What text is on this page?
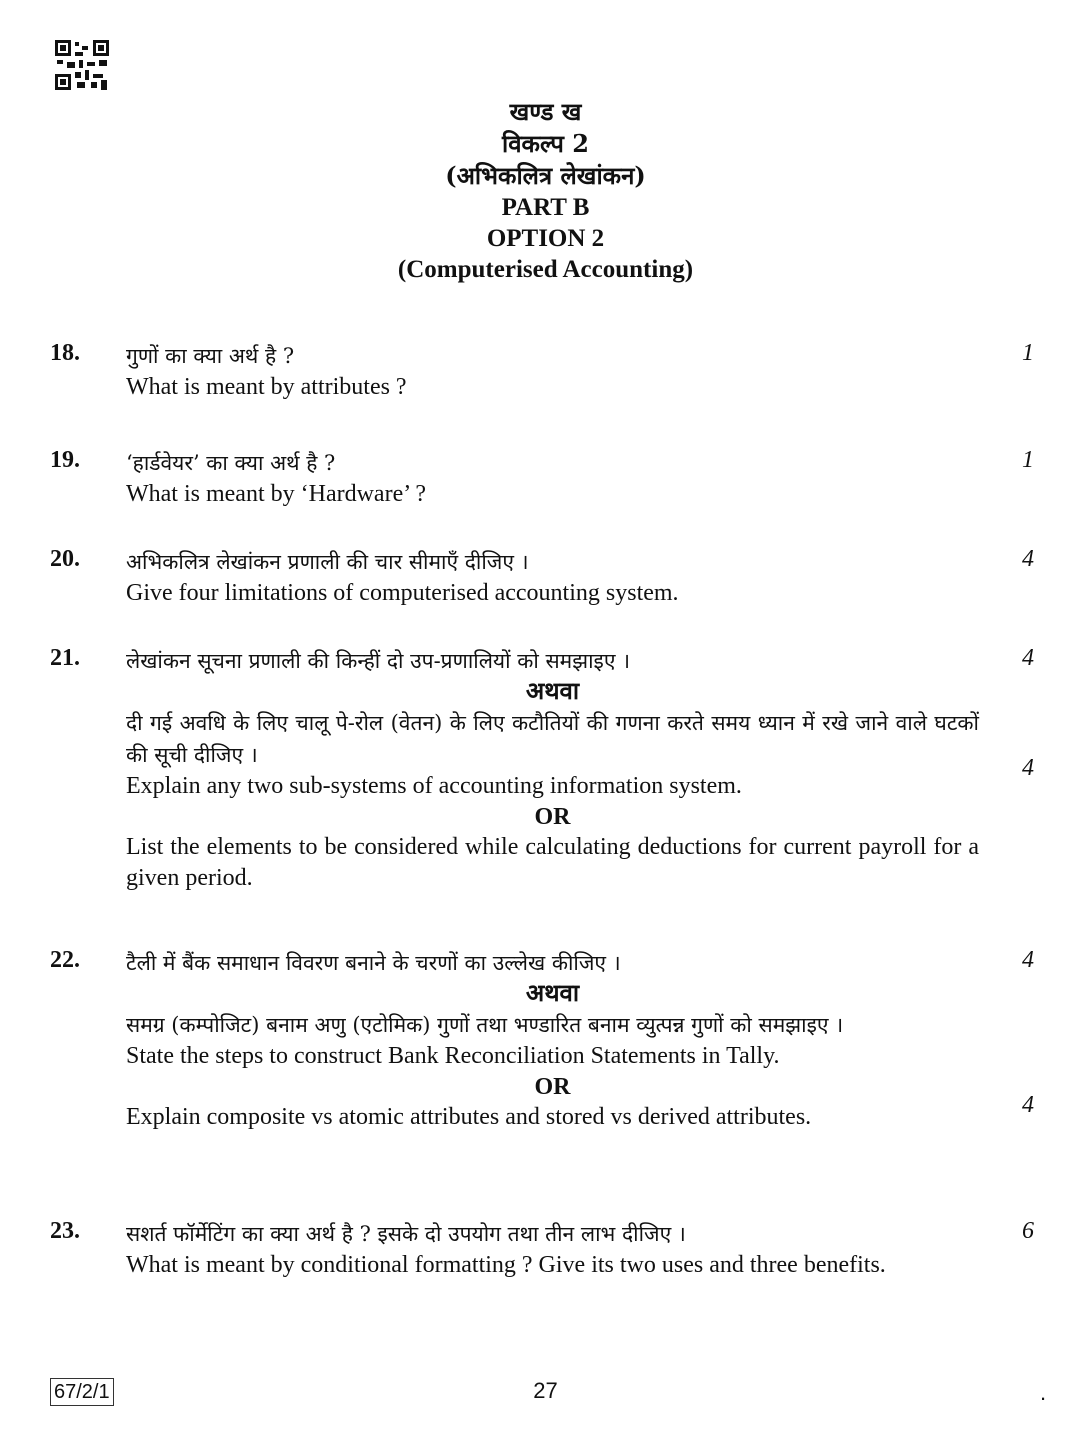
खण्ड ख
विकल्प 2
(अभिकलित्र लेखांकन)
PART B
OPTION 2
(Computerised Accounting)
18. गुणों का क्या अर्थ है ?
What is meant by attributes ?
1
19. ‘हार्डवेयर’ का क्या अर्थ है ?
What is meant by ‘Hardware’ ?
1
20. अभिकलित्र लेखांकन प्रणाली की चार सीमाएँ दीजिए ।
Give four limitations of computerised accounting system.
4
21. लेखांकन सूचना प्रणाली की किन्हीं दो उप-प्रणालियों को समझाइए ।
अथवा
दी गई अवधि के लिए चालू पे-रोल (वेतन) के लिए कटौतियों की गणना करते समय ध्यान में रखे जाने वाले घटकों की सूची दीजिए ।
Explain any two sub-systems of accounting information system.
OR
List the elements to be considered while calculating deductions for current payroll for a given period.
4
4
22. टैली में बैंक समाधान विवरण बनाने के चरणों का उल्लेख कीजिए ।
अथवा
समग्र (कम्पोजिट) बनाम अणु (एटोमिक) गुणों तथा भण्डारित बनाम व्युत्पन्न गुणों को समझाइए ।
State the steps to construct Bank Reconciliation Statements in Tally.
OR
Explain composite vs atomic attributes and stored vs derived attributes.
4
4
23. सशर्त फॉर्मेटिंग का क्या अर्थ है ? इसके दो उपयोग तथा तीन लाभ दीजिए ।
What is meant by conditional formatting ? Give its two uses and three benefits.
6
67/2/1	27	.
